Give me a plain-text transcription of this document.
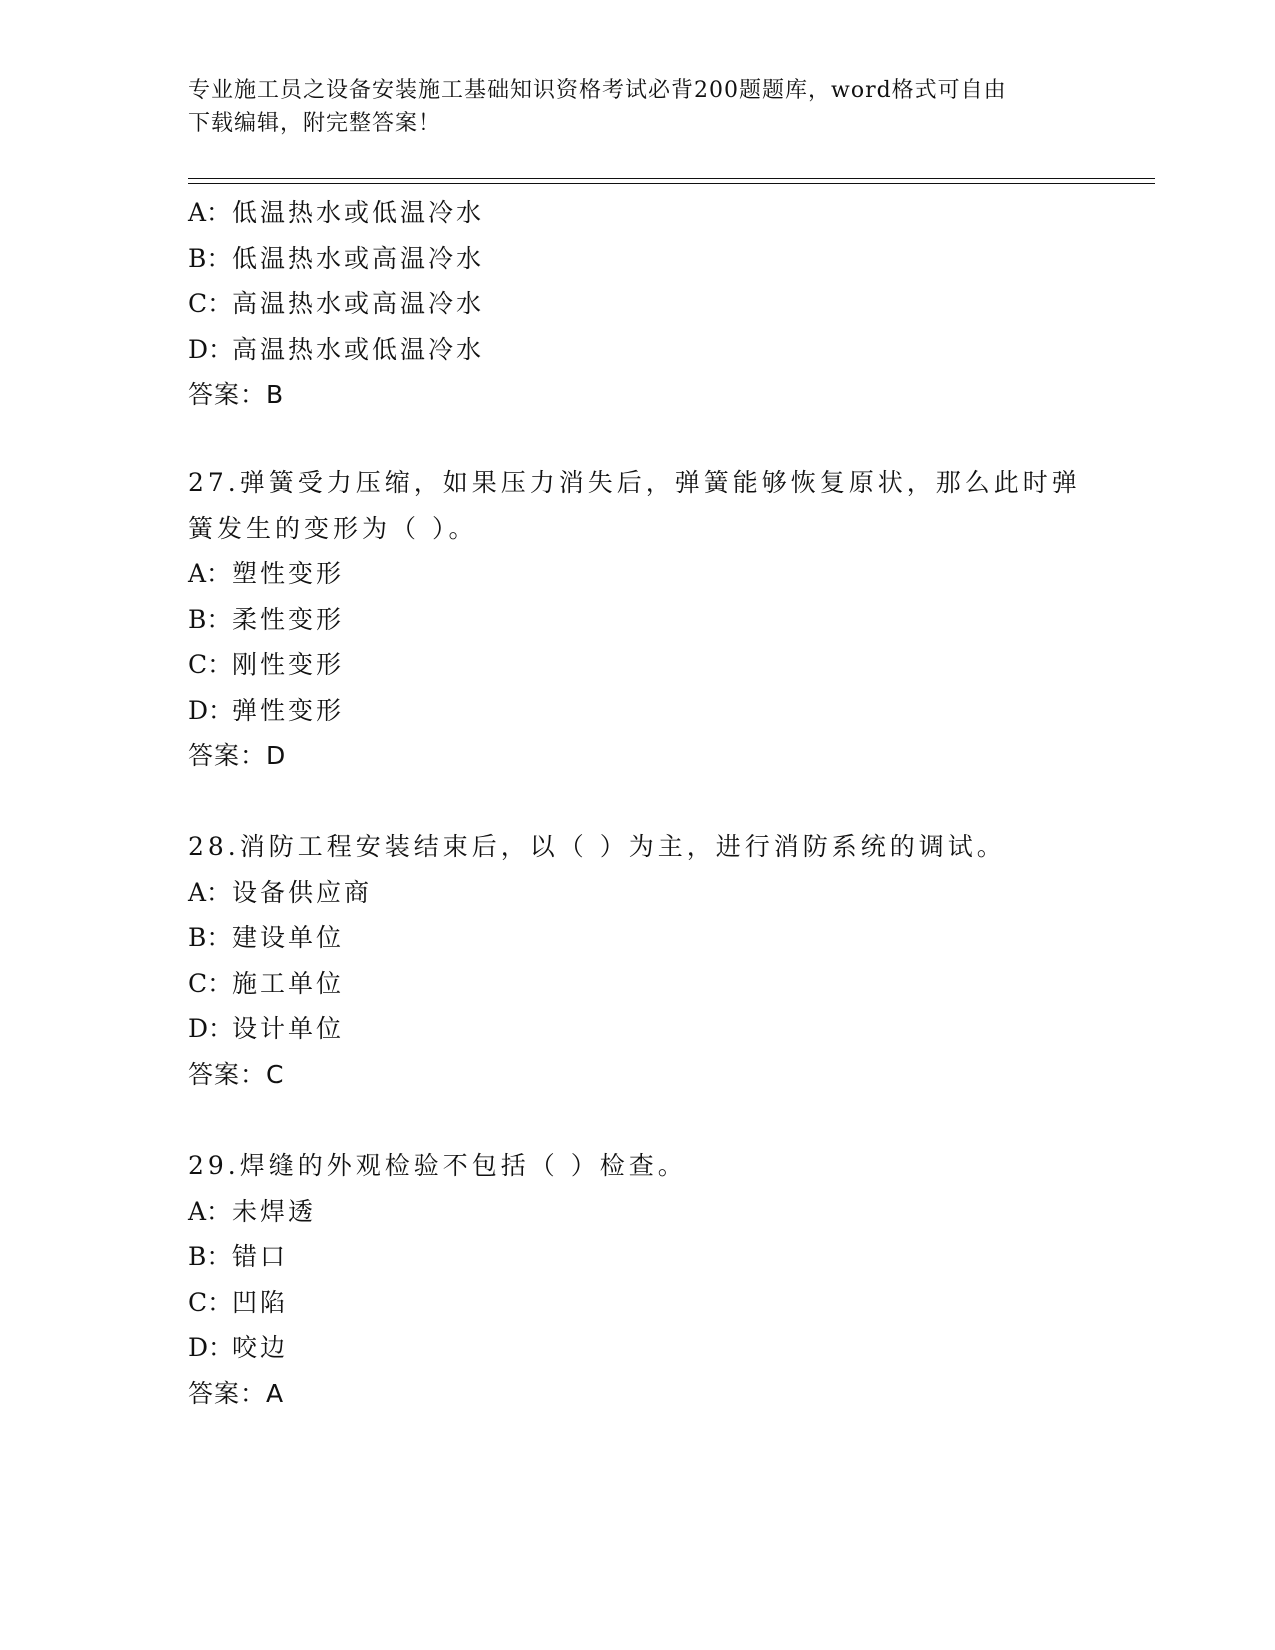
专业施工员之设备安装施工基础知识资格考试必背200题题库，word格式可自由
下载编辑，附完整答案！
A：低温热水或低温冷水
B：低温热水或高温冷水
C：高温热水或高温冷水
D：高温热水或低温冷水
答案：B
27.弹簧受力压缩，如果压力消失后，弹簧能够恢复原状，那么此时弹
簧发生的变形为（ ）。
A：塑性变形
B：柔性变形
C：刚性变形
D：弹性变形
答案：D
28.消防工程安装结束后，以（ ）为主，进行消防系统的调试。
A：设备供应商
B：建设单位
C：施工单位
D：设计单位
答案：C
29.焊缝的外观检验不包括（ ）检查。
A：未焊透
B：错口
C：凹陷
D：咬边
答案：A
